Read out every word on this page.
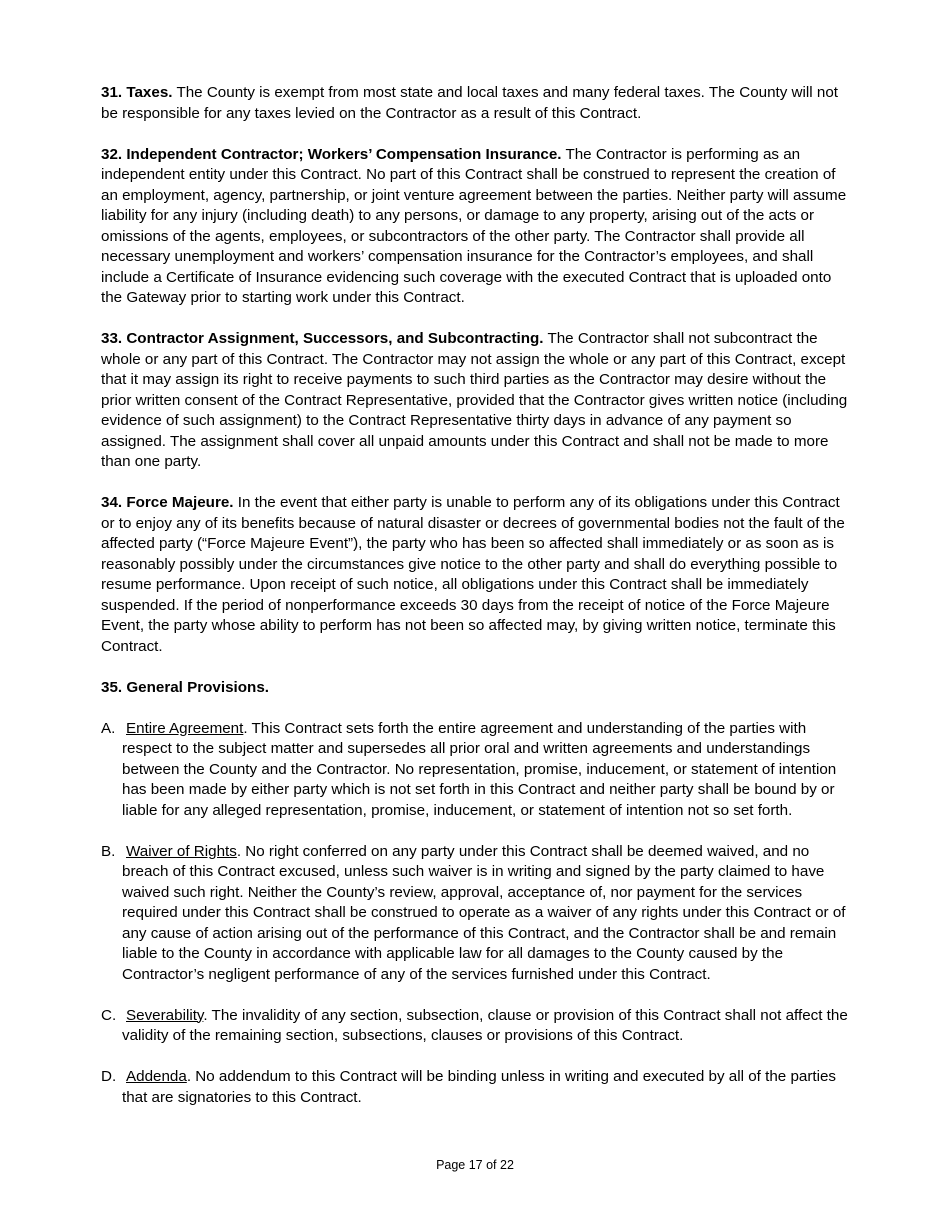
31. Taxes. The County is exempt from most state and local taxes and many federal taxes. The County will not be responsible for any taxes levied on the Contractor as a result of this Contract.

32. Independent Contractor; Workers’ Compensation Insurance. The Contractor is performing as an independent entity under this Contract. No part of this Contract shall be construed to represent the creation of an employment, agency, partnership, or joint venture agreement between the parties. Neither party will assume liability for any injury (including death) to any persons, or damage to any property, arising out of the acts or omissions of the agents, employees, or subcontractors of the other party. The Contractor shall provide all necessary unemployment and workers’ compensation insurance for the Contractor’s employees, and shall include a Certificate of Insurance evidencing such coverage with the executed Contract that is uploaded onto the Gateway prior to starting work under this Contract.

33. Contractor Assignment, Successors, and Subcontracting. The Contractor shall not subcontract the whole or any part of this Contract. The Contractor may not assign the whole or any part of this Contract, except that it may assign its right to receive payments to such third parties as the Contractor may desire without the prior written consent of the Contract Representative, provided that the Contractor gives written notice (including evidence of such assignment) to the Contract Representative thirty days in advance of any payment so assigned. The assignment shall cover all unpaid amounts under this Contract and shall not be made to more than one party.

34. Force Majeure. In the event that either party is unable to perform any of its obligations under this Contract or to enjoy any of its benefits because of natural disaster or decrees of governmental bodies not the fault of the affected party (“Force Majeure Event”), the party who has been so affected shall immediately or as soon as is reasonably possibly under the circumstances give notice to the other party and shall do everything possible to resume performance. Upon receipt of such notice, all obligations under this Contract shall be immediately suspended. If the period of nonperformance exceeds 30 days from the receipt of notice of the Force Majeure Event, the party whose ability to perform has not been so affected may, by giving written notice, terminate this Contract.

35. General Provisions.

A. Entire Agreement. This Contract sets forth the entire agreement and understanding of the parties with respect to the subject matter and supersedes all prior oral and written agreements and understandings between the County and the Contractor. No representation, promise, inducement, or statement of intention has been made by either party which is not set forth in this Contract and neither party shall be bound by or liable for any alleged representation, promise, inducement, or statement of intention not so set forth.
B. Waiver of Rights. No right conferred on any party under this Contract shall be deemed waived, and no breach of this Contract excused, unless such waiver is in writing and signed by the party claimed to have waived such right. Neither the County’s review, approval, acceptance of, nor payment for the services required under this Contract shall be construed to operate as a waiver of any rights under this Contract or of any cause of action arising out of the performance of this Contract, and the Contractor shall be and remain liable to the County in accordance with applicable law for all damages to the County caused by the Contractor’s negligent performance of any of the services furnished under this Contract.
C. Severability. The invalidity of any section, subsection, clause or provision of this Contract shall not affect the validity of the remaining section, subsections, clauses or provisions of this Contract.
D. Addenda. No addendum to this Contract will be binding unless in writing and executed by all of the parties that are signatories to this Contract.
Page 17 of 22
